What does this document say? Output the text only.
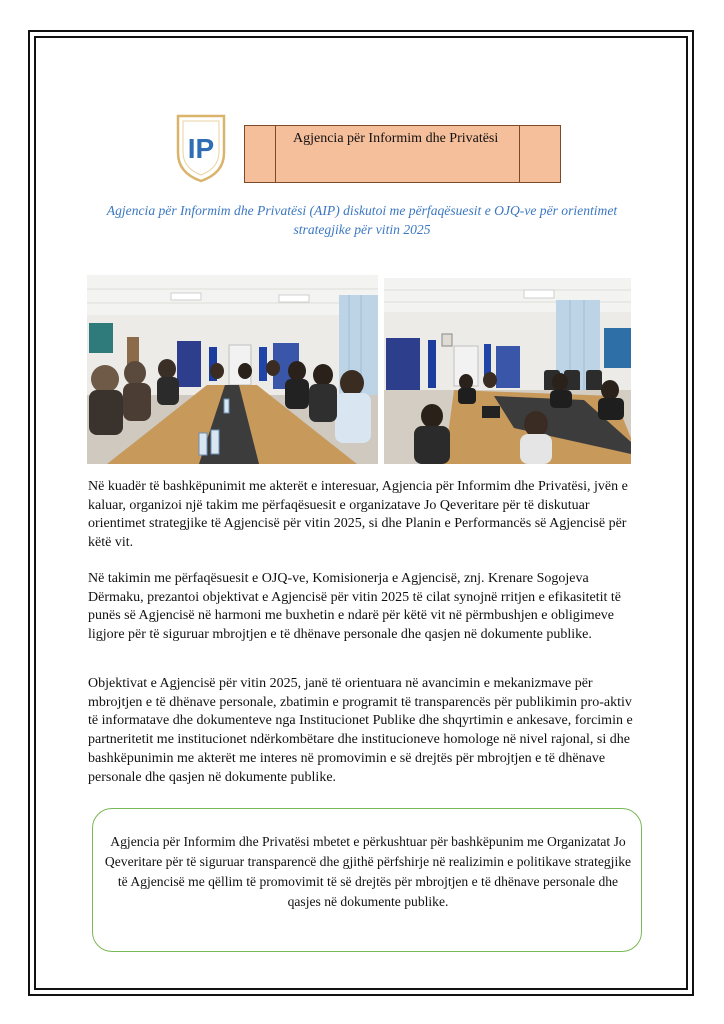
IP	Agjencia për Informim dhe Privatësi
Agjencia për Informim dhe Privatësi (AIP) diskutoi me përfaqësuesit e OJQ-ve për orientimet strategjike për vitin 2025

Në kuadër të bashkëpunimit me akterët e interesuar, Agjencia për Informim dhe Privatësi, jvën e kaluar, organizoi një takim me përfaqësuesit e organizatave Jo Qeveritare për të diskutuar orientimet strategjike të Agjencisë për vitin 2025, si dhe Planin e Performancës së Agjencisë për këtë vit.

Në takimin me përfaqësuesit e OJQ-ve, Komisionerja e Agjencisë, znj. Krenare Sogojeva Dërmaku, prezantoi objektivat e Agjencisë për vitin 2025 të cilat synojnë rritjen e efikasitetit të punës së Agjencisë në harmoni me buxhetin e ndarë për këtë vit në përmbushjen e obligimeve ligjore për të siguruar mbrojtjen e të dhënave personale dhe qasjen në dokumente publike.

Objektivat e Agjencisë për vitin 2025, janë të orientuara në avancimin e mekanizmave për mbrojtjen e të dhënave personale, zbatimin e programit të transparencës për publikimin pro-aktiv të informatave dhe dokumenteve nga Institucionet Publike dhe shqyrtimin e ankesave, forcimin e partneritetit me institucionet ndërkombëtare dhe institucioneve homologe në nivel rajonal, si dhe bashkëpunimin me akterët me interes në promovimin e së drejtës për mbrojtjen e të dhënave personale dhe qasjen në dokumente publike.

Agjencia për Informim dhe Privatësi mbetet e përkushtuar për bashkëpunim me Organizatat Jo Qeveritare për të siguruar transparencë dhe gjithë përfshirje në realizimin e politikave strategjike të Agjencisë me qëllim të promovimit të së drejtës për mbrojtjen e të dhënave personale dhe qasjes në dokumente publike.
